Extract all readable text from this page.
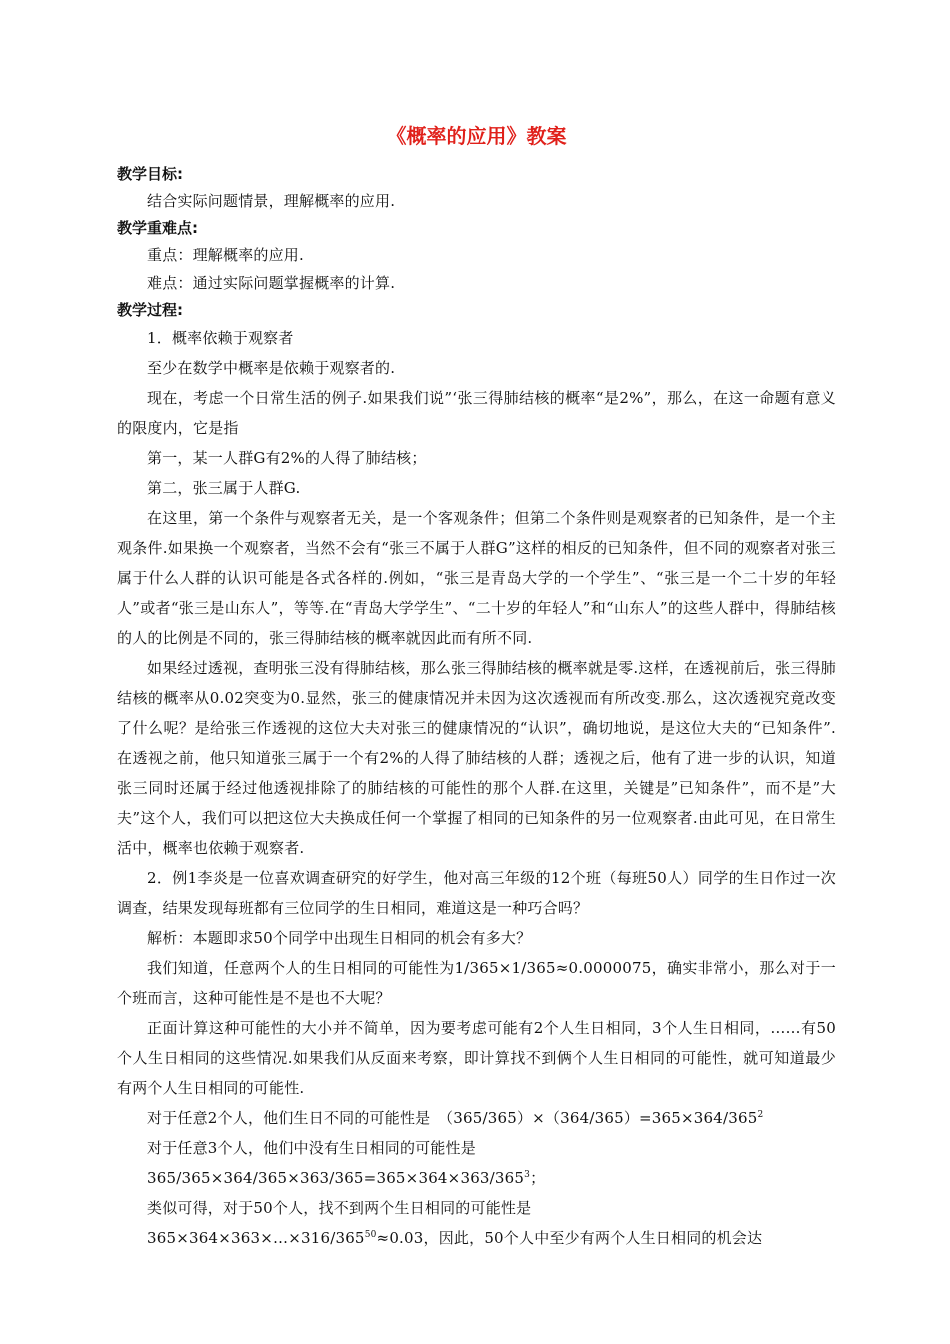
《概率的应用》教案

教学目标:

结合实际问题情景，理解概率的应用.

教学重难点:

重点：理解概率的应用.

难点：通过实际问题掌握概率的计算.

教学过程:

1．概率依赖于观察者

至少在数学中概率是依赖于观察者的.

现在，考虑一个日常生活的例子.如果我们说”‘张三得肺结核的概率“是2%”，那么，在这一命题有意义的限度内，它是指

第一，某一人群G有2%的人得了肺结核；

第二，张三属于人群G.

在这里，第一个条件与观察者无关，是一个客观条件；但第二个条件则是观察者的已知条件，是一个主观条件.如果换一个观察者，当然不会有“张三不属于人群G”这样的相反的已知条件，但不同的观察者对张三属于什么人群的认识可能是各式各样的.例如，“张三是青岛大学的一个学生”、“张三是一个二十岁的年轻人”或者“张三是山东人”，等等.在“青岛大学学生”、“二十岁的年轻人”和“山东人”的这些人群中，得肺结核的人的比例是不同的，张三得肺结核的概率就因此而有所不同.

如果经过透视，查明张三没有得肺结核，那么张三得肺结核的概率就是零.这样，在透视前后，张三得肺结核的概率从0.02突变为0.显然，张三的健康情况并未因为这次透视而有所改变.那么，这次透视究竟改变了什么呢？是给张三作透视的这位大夫对张三的健康情况的“认识”，确切地说，是这位大夫的“已知条件”.在透视之前，他只知道张三属于一个有2%的人得了肺结核的人群；透视之后，他有了进一步的认识，知道张三同时还属于经过他透视排除了的肺结核的可能性的那个人群.在这里，关键是”已知条件”，而不是”大夫”这个人，我们可以把这位大夫换成任何一个掌握了相同的已知条件的另一位观察者.由此可见，在日常生活中，概率也依赖于观察者.

2．例1李炎是一位喜欢调查研究的好学生，他对高三年级的12个班（每班50人）同学的生日作过一次调查，结果发现每班都有三位同学的生日相同，难道这是一种巧合吗？

解析：本题即求50个同学中出现生日相同的机会有多大？

我们知道，任意两个人的生日相同的可能性为1/365×1/365≈0.0000075，确实非常小，那么对于一个班而言，这种可能性是不是也不大呢？

正面计算这种可能性的大小并不简单，因为要考虑可能有2个人生日相同，3个人生日相同，……有50个人生日相同的这些情况.如果我们从反面来考察，即计算找不到俩个人生日相同的可能性，就可知道最少有两个人生日相同的可能性.

对于任意2个人，他们生日不同的可能性是　$(365/365)\times(364/365)=365\times 364/365^2$

对于任意3个人，他们中没有生日相同的可能性是

$365/365\times 364/365\times 363/365=365\times 364\times 363/365^3$；

类似可得，对于50个人，找不到两个生日相同的可能性是

$365\times 364\times 363\times\dots\times 316/365^{50}\approx 0.03$，因此，50个人中至少有两个人生日相同的机会达
